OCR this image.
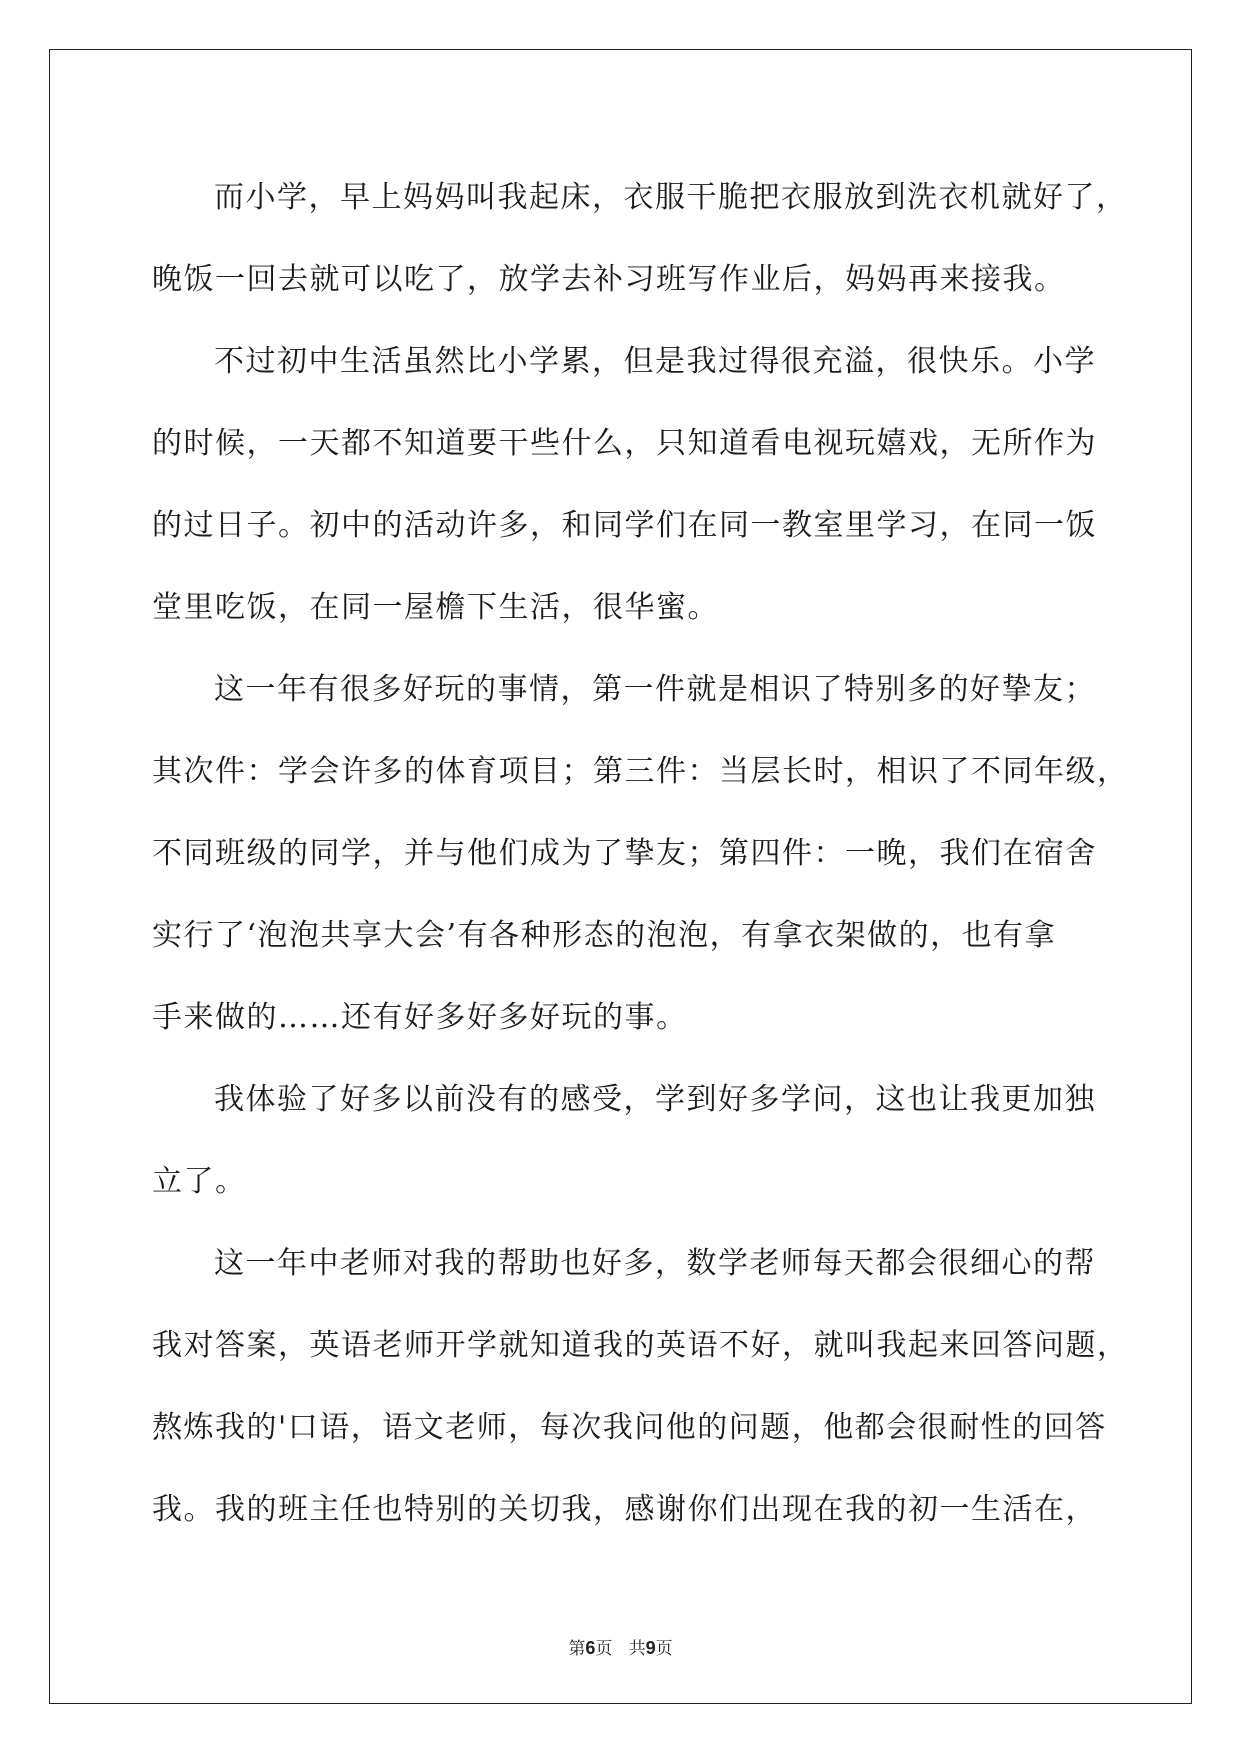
而小学，早上妈妈叫我起床，衣服干脆把衣服放到洗衣机就好了，
晚饭一回去就可以吃了，放学去补习班写作业后，妈妈再来接我。
不过初中生活虽然比小学累，但是我过得很充溢，很快乐。小学
的时候，一天都不知道要干些什么，只知道看电视玩嬉戏，无所作为
的过日子。初中的活动许多，和同学们在同一教室里学习，在同一饭
堂里吃饭，在同一屋檐下生活，很华蜜。
这一年有很多好玩的事情，第一件就是相识了特别多的好挚友；
其次件：学会许多的体育项目；第三件：当层长时，相识了不同年级，
不同班级的同学，并与他们成为了挚友；第四件：一晚，我们在宿舍
实行了‘泡泡共享大会’有各种形态的泡泡，有拿衣架做的，也有拿
手来做的……还有好多好多好玩的事。
我体验了好多以前没有的感受，学到好多学问，这也让我更加独
立了。
这一年中老师对我的帮助也好多，数学老师每天都会很细心的帮
我对答案，英语老师开学就知道我的英语不好，就叫我起来回答问题，
熬炼我的'口语，语文老师，每次我问他的问题，他都会很耐性的回答
我。我的班主任也特别的关切我，感谢你们出现在我的初一生活在，
第6页 共9页
